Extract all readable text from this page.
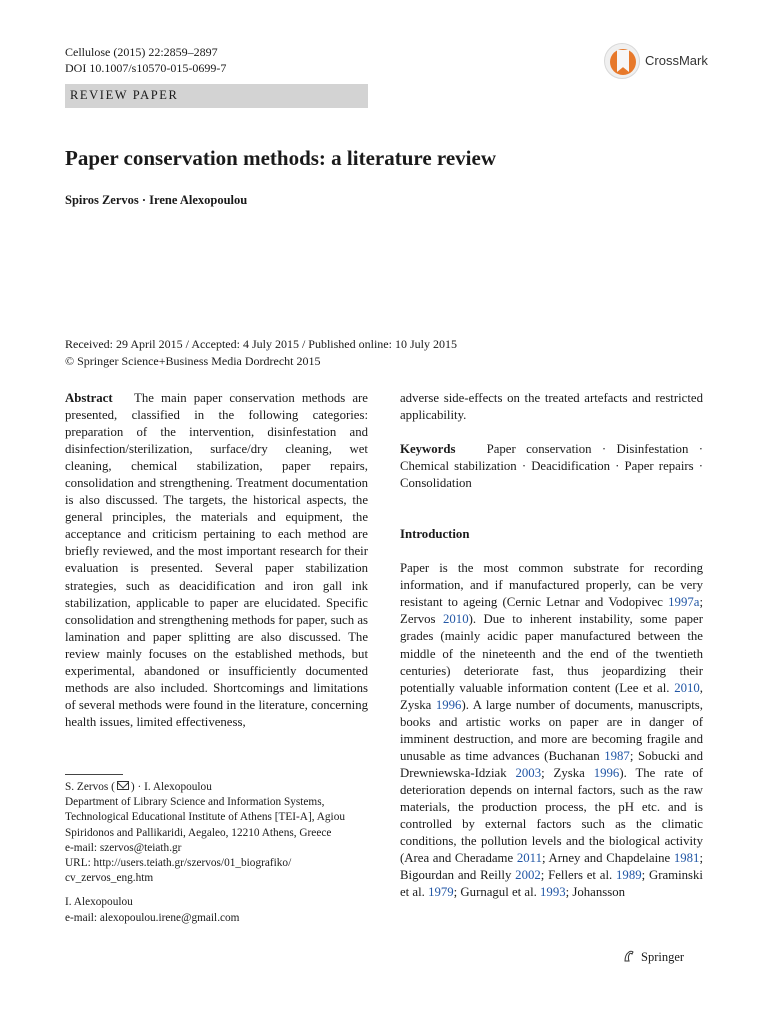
Cellulose (2015) 22:2859–2897
DOI 10.1007/s10570-015-0699-7	CrossMark
REVIEW PAPER
Paper conservation methods: a literature review
Spiros Zervos · Irene Alexopoulou
Received: 29 April 2015 / Accepted: 4 July 2015 / Published online: 10 July 2015
© Springer Science+Business Media Dordrecht 2015

Abstract The main paper conservation methods are presented, classified in the following categories: preparation of the intervention, disinfestation and disinfection/sterilization, surface/dry cleaning, wet cleaning, chemical stabilization, paper repairs, consolidation and strengthening. Treatment documentation is also discussed. The targets, the historical aspects, the general principles, the materials and equipment, the acceptance and criticism pertaining to each method are briefly reviewed, and the most important research for their evaluation is presented. Several paper stabilization strategies, such as deacidification and iron gall ink stabilization, applicable to paper are elucidated. Specific consolidation and strengthening methods for paper, such as lamination and paper splitting are also discussed. The review mainly focuses on the established methods, but experimental, abandoned or insufficiently documented methods are also included. Shortcomings and limitations of several methods were found in the literature, concerning health issues, limited effectiveness,

adverse side-effects on the treated artefacts and restricted applicability.

Keywords Paper conservation · Disinfestation · Chemical stabilization · Deacidification · Paper repairs · Consolidation

Introduction

Paper is the most common substrate for recording information, and if manufactured properly, can be very resistant to ageing (Cernic Letnar and Vodopivec 1997a; Zervos 2010). Due to inherent instability, some paper grades (mainly acidic paper manufactured between the middle of the nineteenth and the end of the twentieth centuries) deteriorate fast, thus jeopardizing their potentially valuable information content (Lee et al. 2010, Zyska 1996). A large number of documents, manuscripts, books and artistic works on paper are in danger of imminent destruction, and more are becoming fragile and unusable as time advances (Buchanan 1987; Sobucki and Drewniewska-Idziak 2003; Zyska 1996). The rate of deterioration depends on internal factors, such as the raw materials, the production process, the pH etc. and is controlled by external factors such as the climatic conditions, the pollution levels and the biological activity (Area and Cheradame 2011; Arney and Chapdelaine 1981; Bigourdan and Reilly 2002; Fellers et al. 1989; Graminski et al. 1979; Gurnagul et al. 1993; Johansson

S. Zervos ( ) · I. Alexopoulou
Department of Library Science and Information Systems, Technological Educational Institute of Athens [TEI-A], Agiou Spiridonos and Pallikaridi, Aegaleo, 12210 Athens, Greece
e-mail: szervos@teiath.gr
URL: http://users.teiath.gr/szervos/01_biografiko/ cv_zervos_eng.htm
I. Alexopoulou
e-mail: alexopoulou.irene@gmail.com
Springer
